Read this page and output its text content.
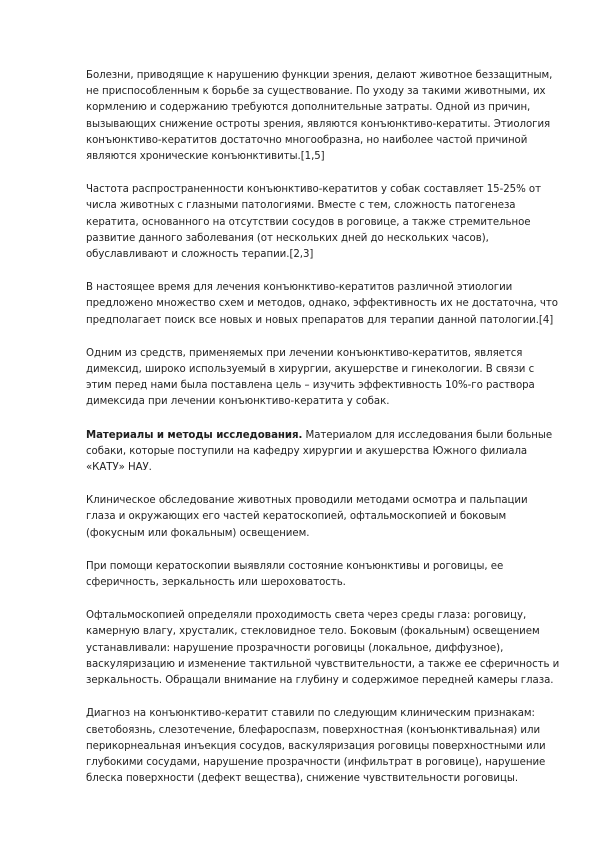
Болезни, приводящие к нарушению функции зрения, делают животное беззащитным, не приспособленным к борьбе за существование. По уходу за такими животными, их кормлению и содержанию требуются дополнительные затраты. Одной из причин, вызывающих снижение остроты зрения, являются конъюнктиво-кератиты. Этиология конъюнктиво-кератитов достаточно многообразна, но наиболее частой причиной являются хронические конъюнктивиты.[1,5]

Частота распространенности конъюнктиво-кератитов у собак составляет 15-25% от числа животных с глазными патологиями. Вместе с тем, сложность патогенеза кератита, основанного на отсутствии сосудов в роговице, а также стремительное развитие данного заболевания (от нескольких дней до нескольких часов), обуславливают и сложность терапии.[2,3]

В настоящее время для лечения конъюнктиво-кератитов различной этиологии предложено множество схем и методов, однако, эффективность их не достаточна, что предполагает поиск все новых и новых препаратов для терапии данной патологии.[4]

Одним из средств, применяемых при лечении конъюнктиво-кератитов, является димексид, широко используемый в хирургии, акушерстве и гинекологии. В связи с этим перед нами была поставлена цель – изучить эффективность 10%-го раствора димексида при лечении конъюнктиво-кератита у собак.

Материалы и методы исследования. Материалом для исследования были больные собаки, которые поступили на кафедру хирургии и акушерства Южного филиала «КАТУ» НАУ.

Клиническое обследование животных проводили методами осмотра и пальпации глаза и окружающих его частей кератоскопией, офтальмоскопией и боковым (фокусным или фокальным) освещением.

При помощи кератоскопии выявляли состояние конъюнктивы и роговицы, ее сферичность, зеркальность или шероховатость.

Офтальмоскопией определяли проходимость света через среды глаза: роговицу, камерную влагу, хрусталик, стекловидное тело. Боковым (фокальным) освещением устанавливали: нарушение прозрачности роговицы (локальное, диффузное), васкуляризацию и изменение тактильной чувствительности, а также ее сферичность и зеркальность. Обращали внимание на глубину и содержимое передней камеры глаза.

Диагноз на конъюнктиво-кератит ставили по следующим клиническим признакам: светобоязнь, слезотечение, блефароспазм, поверхностная (конъюнктивальная) или перикорнеальная инъекция сосудов, васкуляризация роговицы поверхностными или глубокими сосудами, нарушение прозрачности (инфильтрат в роговице), нарушение блеска поверхности (дефект вещества), снижение чувствительности роговицы.
